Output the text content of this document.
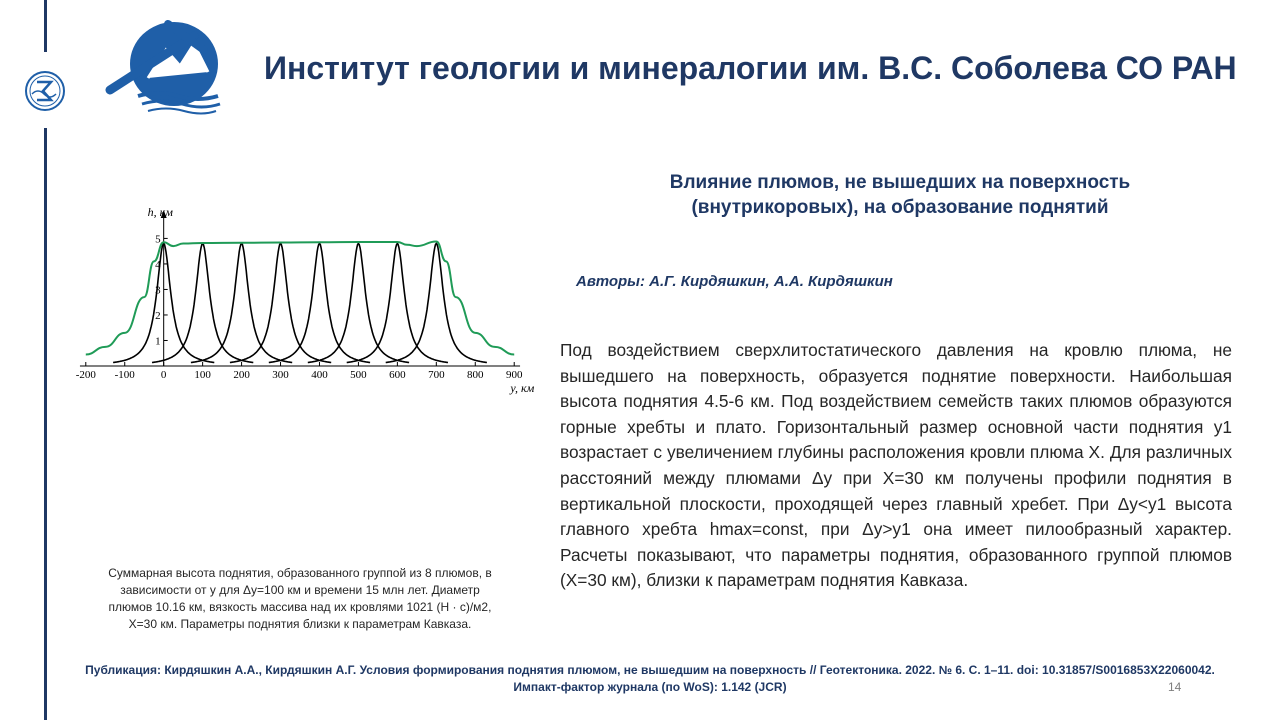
Институт геологии и минералогии им. В.С. Соболева СО РАН
Влияние плюмов, не вышедших на поверхность
(внутрикоровых), на образование поднятий
Авторы: А.Г. Кирдяшкин, А.А. Кирдяшкин
Под воздействием сверхлитостатического давления на кровлю плюма, не вышедшего на поверхность, образуется поднятие поверхности. Наибольшая высота поднятия 4.5-6 км. Под воздействием семейств таких плюмов образуются горные хребты и плато. Горизонтальный размер основной части поднятия y1 возрастает с увеличением глубины расположения кровли плюма X. Для различных расстояний между плюмами Δy при X=30 км получены профили поднятия в вертикальной плоскости, проходящей через главный хребет. При Δy<y1 высота главного хребта hmax=const, при Δy>y1 она имеет пилообразный характер. Расчеты показывают, что параметры поднятия, образованного группой плюмов (X=30 км), близки к параметрам поднятия Кавказа.
-200 -100 0	100 200 300 400 500 600 700 800 900
1
2
3
4
5
h, км
y, км
Суммарная высота поднятия, образованного группой из 8 плюмов, в зависимости от y для Δy=100 км и времени 15 млн лет. Диаметр плюмов 10.16 км, вязкость массива над их кровлями 1021 (Н · с)/м2, X=30 км. Параметры поднятия близки к параметрам Кавказа.
Публикация: Кирдяшкин А.А., Кирдяшкин А.Г. Условия формирования поднятия плюмом, не вышедшим на поверхность // Геотектоника. 2022. № 6. С. 1–11. doi: 10.31857/S0016853X22060042.
Импакт-фактор журнала (по WoS): 1.142 (JCR)	14
